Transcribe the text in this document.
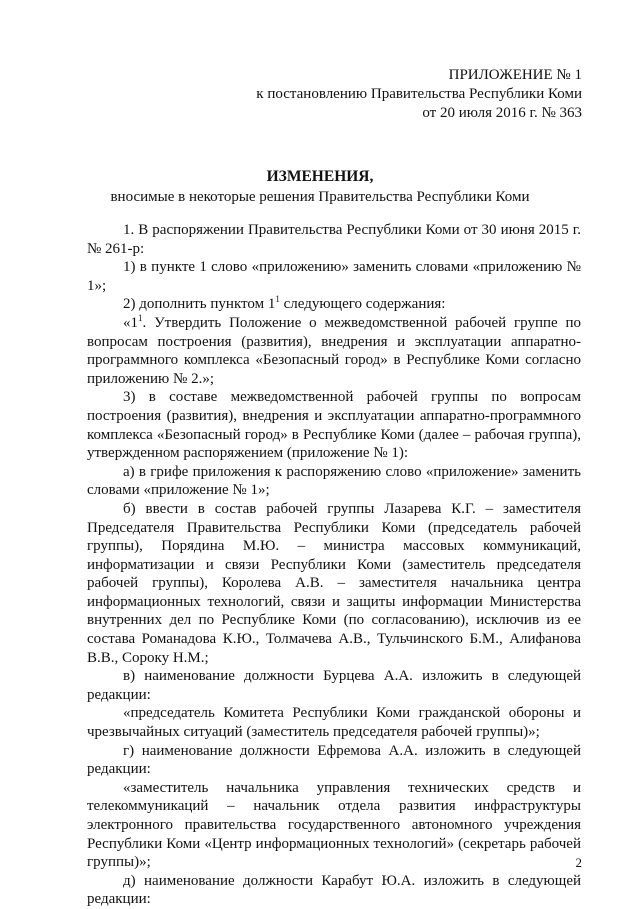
ПРИЛОЖЕНИЕ № 1
к постановлению Правительства Республики Коми
от 20 июля 2016 г. № 363
ИЗМЕНЕНИЯ,
вносимые в некоторые решения Правительства Республики Коми

1. В распоряжении Правительства Республики Коми от 30 июня 2015 г. № 261-р:

1) в пункте 1 слово «приложению» заменить словами «приложению № 1»;

2) дополнить пунктом $1^1$ следующего содержания:

«$1^1$. Утвердить Положение о межведомственной рабочей группе по вопросам построения (развития), внедрения и эксплуатации аппаратно-программного комплекса «Безопасный город» в Республике Коми согласно приложению № 2.»;

3) в составе межведомственной рабочей группы по вопросам построения (развития), внедрения и эксплуатации аппаратно-программного комплекса «Безопасный город» в Республике Коми (далее – рабочая группа), утвержденном распоряжением (приложение № 1):

а) в грифе приложения к распоряжению слово «приложение» заменить словами «приложение № 1»;

б) ввести в состав рабочей группы Лазарева К.Г. – заместителя Председателя Правительства Республики Коми (председатель рабочей группы), Порядина М.Ю. – министра массовых коммуникаций, информатизации и связи Республики Коми (заместитель председателя рабочей группы), Королева А.В. – заместителя начальника центра информационных технологий, связи и защиты информации Министерства внутренних дел по Республике Коми (по согласованию), исключив из ее состава Романадова К.Ю., Толмачева А.В., Тульчинского Б.М., Алифанова В.В., Сороку Н.М.;

в) наименование должности Бурцева А.А. изложить в следующей редакции:

«председатель Комитета Республики Коми гражданской обороны и чрезвычайных ситуаций (заместитель председателя рабочей группы)»;

г) наименование должности Ефремова А.А. изложить в следующей редакции:

«заместитель начальника управления технических средств и телекоммуникаций – начальник отдела развития инфраструктуры электронного правительства государственного автономного учреждения Республики Коми «Центр информационных технологий» (секретарь рабочей группы)»;

д) наименование должности Карабут Ю.А. изложить в следующей редакции:

2
